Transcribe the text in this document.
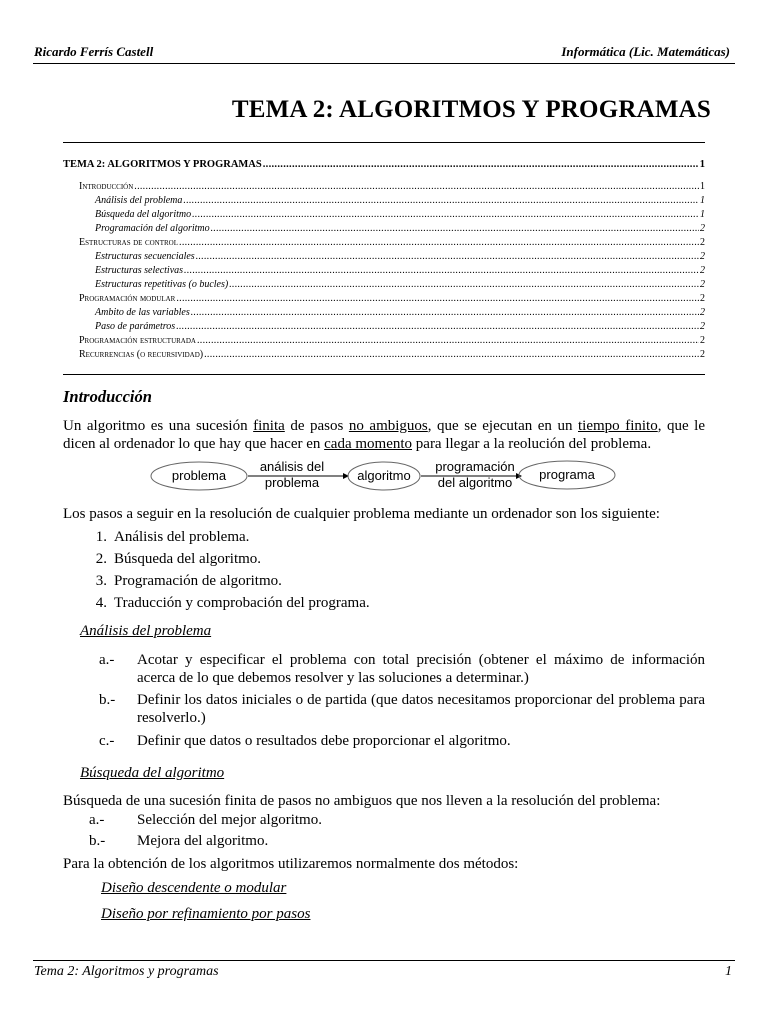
Ricardo Ferrís Castell	Informática (Lic. Matemáticas)
TEMA 2: ALGORITMOS Y PROGRAMAS
TEMA 2: ALGORITMOS Y PROGRAMAS .....	1
Introducción .....	1
Análisis del problema .....	1
Búsqueda del algoritmo .....	1
Programación del algoritmo .....	2
Estructuras de control .....	2
Estructuras secuenciales .....	2
Estructuras selectivas .....	2
Estructuras repetitivas (o bucles) .....	2
Programación modular .....	2
Ambito de las variables .....	2
Paso de parámetros .....	2
Programación estructurada .....	2
Recurrencias (o recursividad) .....	2
Introducción
Un algoritmo es una sucesión finita de pasos no ambiguos, que se ejecutan en un tiempo finito, que le dicen al ordenador lo que hay que hacer en cada momento para llegar a la reolución del problema.
problema
análisis del
problema	algoritmo
programación
del algoritmo
programa
Los pasos a seguir en la resolución de cualquier problema mediante un ordenador son los siguiente:
1. Análisis del problema.
2. Búsqueda del algoritmo.
3. Programación de algoritmo.
4. Traducción y comprobación del programa.
Análisis del problema
a.-	Acotar y especificar el problema con total precisión (obtener el máximo de información acerca de lo que debemos resolver y las soluciones a determinar.)
b.-	Definir los datos iniciales o de partida (que datos necesitamos proporcionar del problema para resolverlo.)
c.-	Definir que datos o resultados debe proporcionar el algoritmo.
Búsqueda del algoritmo
Búsqueda de una sucesión finita de pasos no ambiguos que nos lleven a la resolución del problema:
a.-	Selección del mejor algoritmo.
b.-	Mejora del algoritmo.
Para la obtención de los algoritmos utilizaremos normalmente dos métodos:
Diseño descendente o modular
Diseño por refinamiento por pasos
Tema 2: Algoritmos y programas	1
